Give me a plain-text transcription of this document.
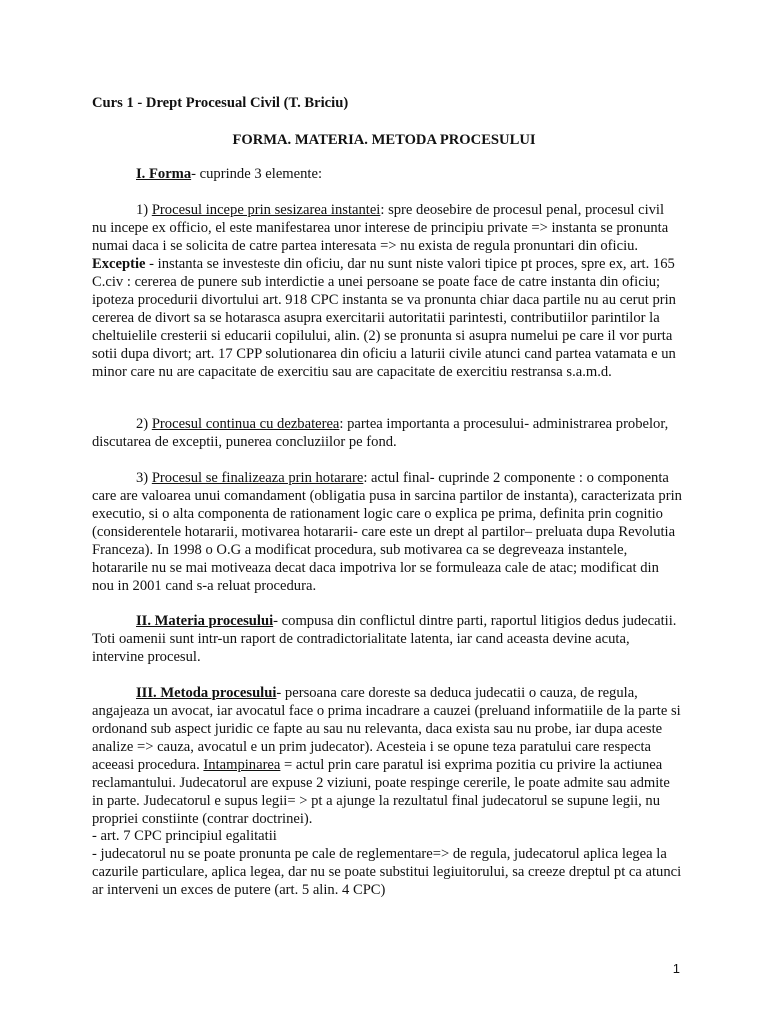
Curs 1 - Drept Procesual Civil (T. Briciu)
FORMA. MATERIA. METODA PROCESULUI

I. Forma- cuprinde 3 elemente:

1) Procesul incepe prin sesizarea instantei: spre deosebire de procesul penal, procesul civil nu incepe ex officio, el este manifestarea unor interese de principiu private => instanta se pronunta numai daca i se solicita de catre partea interesata => nu exista de regula pronuntari din oficiu. Exceptie - instanta se investeste din oficiu, dar nu sunt niste valori tipice pt proces, spre ex, art. 165 C.civ : cererea de punere sub interdictie a unei persoane se poate face de catre instanta din oficiu; ipoteza procedurii divortului art. 918 CPC instanta se va pronunta chiar daca partile nu au cerut prin cererea de divort sa se hotarasca asupra exercitarii autoritatii parintesti, contributiilor parintilor la cheltuielile cresterii si educarii copilului, alin. (2) se pronunta si asupra numelui pe care il vor purta sotii dupa divort; art. 17 CPP solutionarea din oficiu a laturii civile atunci cand partea vatamata e un minor care nu are capacitate de exercitiu sau are capacitate de exercitiu restransa s.a.m.d.

2) Procesul continua cu dezbaterea: partea importanta a procesului- administrarea probelor, discutarea de exceptii, punerea concluziilor pe fond.

3) Procesul se finalizeaza prin hotarare: actul final- cuprinde 2 componente : o componenta care are valoarea unui comandament (obligatia pusa in sarcina partilor de instanta), caracterizata prin executio, si o alta componenta de rationament logic care o explica pe prima, definita prin cognitio (considerentele hotararii, motivarea hotararii- care este un drept al partilor– preluata dupa Revolutia Franceza). In 1998 o O.G a modificat procedura, sub motivarea ca se degreveaza instantele, hotararile nu se mai motiveaza decat daca impotriva lor se formuleaza cale de atac; modificat din nou in 2001 cand s-a reluat procedura.

II. Materia procesului- compusa din conflictul dintre parti, raportul litigios dedus judecatii. Toti oamenii sunt intr-un raport de contradictorialitate latenta, iar cand aceasta devine acuta, intervine procesul.

III. Metoda procesului- persoana care doreste sa deduca judecatii o cauza, de regula, angajeaza un avocat, iar avocatul face o prima incadrare a cauzei (preluand informatiile de la parte si ordonand sub aspect juridic ce fapte au sau nu relevanta, daca exista sau nu probe, iar dupa aceste analize => cauza, avocatul e un prim judecator). Acesteia i se opune teza paratului care respecta aceeasi procedura. Intampinarea = actul prin care paratul isi exprima pozitia cu privire la actiunea reclamantului. Judecatorul are expuse 2 viziuni, poate respinge cererile, le poate admite sau admite in parte. Judecatorul e supus legii= > pt a ajunge la rezultatul final judecatorul se supune legii, nu propriei constiinte (contrar doctrinei).

- art. 7 CPC principiul egalitatii

- judecatorul nu se poate pronunta pe cale de reglementare=> de regula, judecatorul aplica legea la cazurile particulare, aplica legea, dar nu se poate substitui legiuitorului, sa creeze dreptul pt ca atunci ar interveni un exces de putere (art. 5 alin. 4 CPC)

1
